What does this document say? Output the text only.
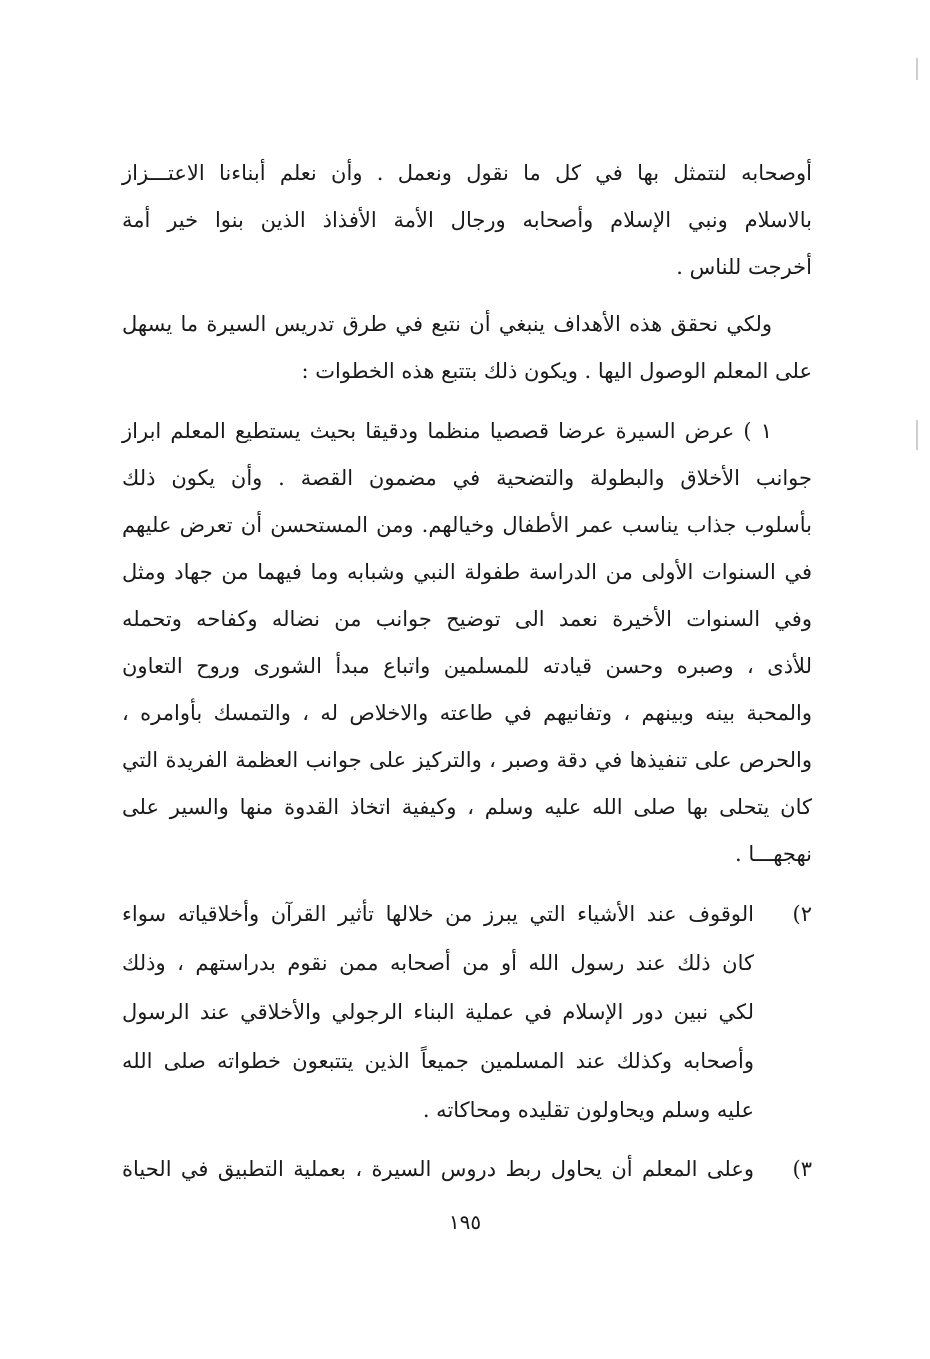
أوصحابه لنتمثل بها في كل ما نقول ونعمل . وأن نعلم أبناءنا الاعتـــزاز
بالاسلام ونبي الإسلام وأصحابه ورجال الأمة الأفذاذ الذين بنوا خير أمة
أخرجت للناس .
ولكي نحقق هذه الأهداف ينبغي أن نتبع في طرق تدريس السيرة ما يسهل
على المعلم الوصول اليها . ويكون ذلك بتتبع هذه الخطوات :
١ ) عرض السيرة عرضا قصصيا منظما ودقيقا بحيث يستطيع المعلم ابراز
جوانب الأخلاق والبطولة والتضحية في مضمون القصة . وأن يكون ذلك
بأسلوب جذاب يناسب عمر الأطفال وخيالهم. ومن المستحسن أن تعرض عليهم
في السنوات الأولى من الدراسة طفولة النبي وشبابه وما فيهما من جهاد ومثل
وفي السنوات الأخيرة نعمد الى توضيح جوانب من نضاله وكفاحه وتحمله
للأذى ، وصبره وحسن قيادته للمسلمين واتباع مبدأ الشورى وروح التعاون
والمحبة بينه وبينهم ، وتفانيهم في طاعته والاخلاص له ، والتمسك بأوامره ،
والحرص على تنفيذها في دقة وصبر ، والتركيز على جوانب العظمة الفريدة التي
كان يتحلى بها صلى الله عليه وسلم ، وكيفية اتخاذ القدوة منها والسير على
نهجهـــا .
٢)
الوقوف عند الأشياء التي يبرز من خلالها تأثير القرآن وأخلاقياته سواء
كان ذلك عند رسول الله أو من أصحابه ممن نقوم بدراستهم ، وذلك
لكي نبين دور الإسلام في عملية البناء الرجولي والأخلاقي عند الرسول
وأصحابه وكذلك عند المسلمين جميعاً الذين يتتبعون خطواته صلى الله
عليه وسلم ويحاولون تقليده ومحاكاته .
٣)
وعلى المعلم أن يحاول ربط دروس السيرة ، بعملية التطبيق في الحياة
١٩٥
